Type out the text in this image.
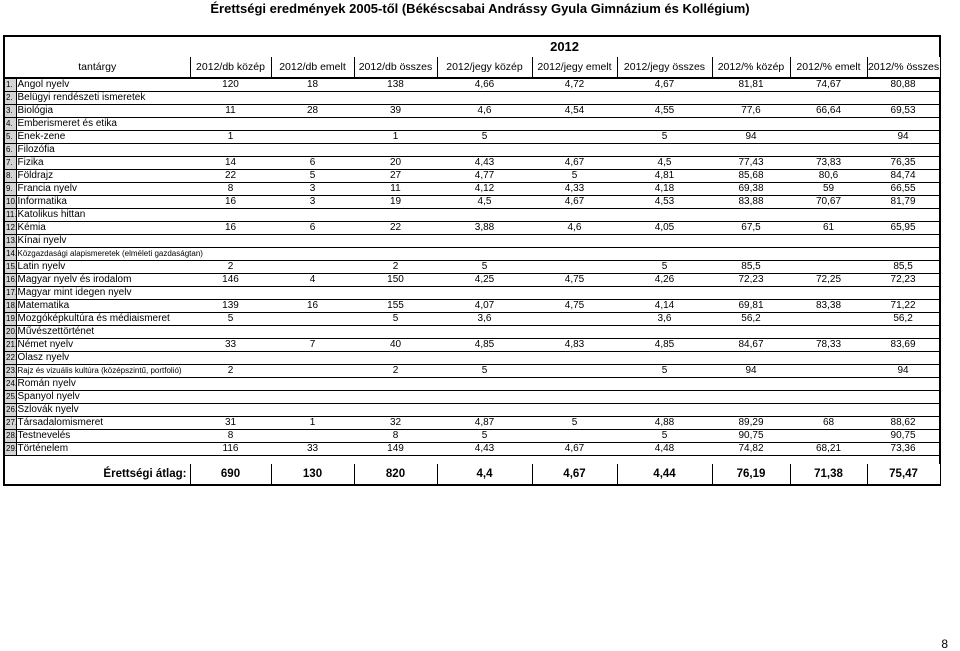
Érettségi eredmények 2005-től (Békéscsabai Andrássy Gyula Gimnázium és Kollégium)
		2012								
tantárgy		2012/db közép	2012/db emelt	2012/db összes	2012/jegy közép	2012/jegy emelt	2012/jegy összes	2012/% közép	2012/% emelt	2012/% összes
1.	Angol nyelv	120	18	138	4,66	4,72	4,67	81,81	74,67	80,88
2.	Belügyi rendészeti ismeretek									
3.	Biológia	11	28	39	4,6	4,54	4,55	77,6	66,64	69,53
4.	Emberismeret és etika									
5.	Ének-zene	1		1	5		5	94		94
6.	Filozófia									
7.	Fizika	14	6	20	4,43	4,67	4,5	77,43	73,83	76,35
8.	Földrajz	22	5	27	4,77	5	4,81	85,68	80,6	84,74
9.	Francia nyelv	8	3	11	4,12	4,33	4,18	69,38	59	66,55
10.	Informatika	16	3	19	4,5	4,67	4,53	83,88	70,67	81,79
11.	Katolikus hittan									
12.	Kémia	16	6	22	3,88	4,6	4,05	67,5	61	65,95
13.	Kínai nyelv									
14.	Közgazdasági alapismeretek (elméleti gazdaságtan)									
15.	Latin nyelv	2		2	5		5	85,5		85,5
16.	Magyar nyelv és irodalom	146	4	150	4,25	4,75	4,26	72,23	72,25	72,23
17.	Magyar mint idegen nyelv									
18.	Matematika	139	16	155	4,07	4,75	4,14	69,81	83,38	71,22
19.	Mozgóképkultúra és médiaismeret	5		5	3,6		3,6	56,2		56,2
20.	Művészettörténet									
21.	Német nyelv	33	7	40	4,85	4,83	4,85	84,67	78,33	83,69
22.	Olasz nyelv									
23.	Rajz és vizuális kultúra (középszintű, portfolió)	2		2	5		5	94		94
24.	Román nyelv									
25.	Spanyol nyelv									
26.	Szlovák nyelv									
27.	Társadalomismeret	31	1	32	4,87	5	4,88	89,29	68	88,62
28.	Testnevelés	8		8	5		5	90,75		90,75
29.	Történelem	116	33	149	4,43	4,67	4,48	74,82	68,21	73,36

Érettségi átlag:		690	130	820	4,4	4,67	4,44	76,19	71,38	75,47
8
